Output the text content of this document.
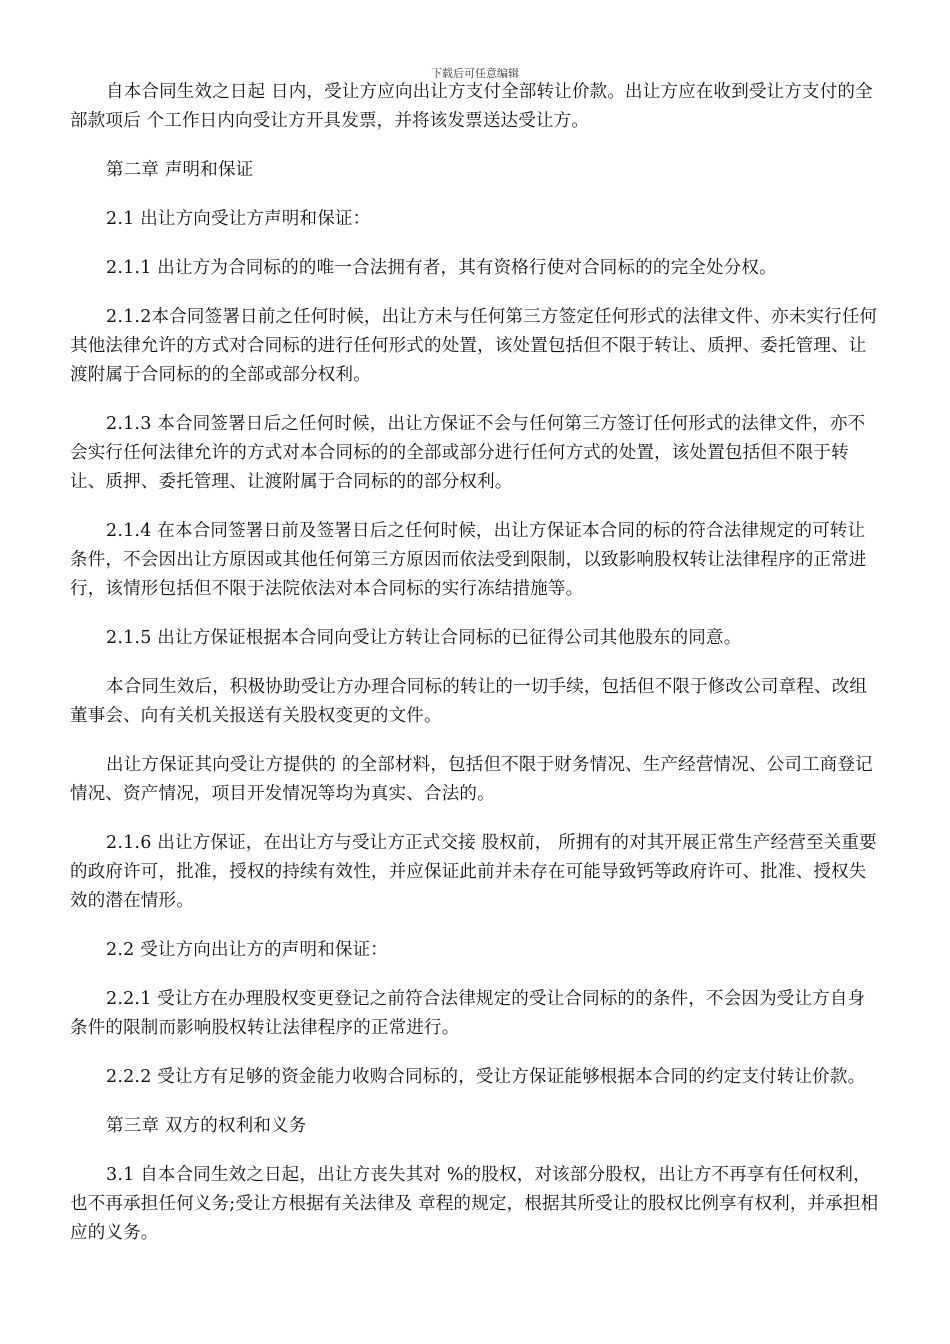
下载后可任意编辑

自本合同生效之日起 日内，受让方应向出让方支付全部转让价款。出让方应在收到受让方支付的全部款项后 个工作日内向受让方开具发票，并将该发票送达受让方。

第二章 声明和保证

2.1 出让方向受让方声明和保证：

2.1.1 出让方为合同标的的唯一合法拥有者，其有资格行使对合同标的的完全处分权。

2.1.2本合同签署日前之任何时候，出让方未与任何第三方签定任何形式的法律文件、亦未实行任何其他法律允许的方式对合同标的进行任何形式的处置，该处置包括但不限于转让、质押、委托管理、让渡附属于合同标的的全部或部分权利。

2.1.3 本合同签署日后之任何时候，出让方保证不会与任何第三方签订任何形式的法律文件，亦不会实行任何法律允许的方式对本合同标的的全部或部分进行任何方式的处置，该处置包括但不限于转让、质押、委托管理、让渡附属于合同标的的部分权利。

2.1.4 在本合同签署日前及签署日后之任何时候，出让方保证本合同的标的符合法律规定的可转让条件，不会因出让方原因或其他任何第三方原因而依法受到限制，以致影响股权转让法律程序的正常进行，该情形包括但不限于法院依法对本合同标的实行冻结措施等。

2.1.5 出让方保证根据本合同向受让方转让合同标的已征得公司其他股东的同意。

本合同生效后，积极协助受让方办理合同标的转让的一切手续，包括但不限于修改公司章程、改组董事会、向有关机关报送有关股权变更的文件。

出让方保证其向受让方提供的 的全部材料，包括但不限于财务情况、生产经营情况、公司工商登记情况、资产情况，项目开发情况等均为真实、合法的。

2.1.6 出让方保证，在出让方与受让方正式交接 股权前， 所拥有的对其开展正常生产经营至关重要的政府许可，批准，授权的持续有效性，并应保证此前并未存在可能导致钙等政府许可、批准、授权失效的潜在情形。

2.2 受让方向出让方的声明和保证：

2.2.1 受让方在办理股权变更登记之前符合法律规定的受让合同标的的条件，不会因为受让方自身条件的限制而影响股权转让法律程序的正常进行。

2.2.2 受让方有足够的资金能力收购合同标的，受让方保证能够根据本合同的约定支付转让价款。

第三章 双方的权利和义务

3.1 自本合同生效之日起，出让方丧失其对 %的股权，对该部分股权，出让方不再享有任何权利，也不再承担任何义务;受让方根据有关法律及 章程的规定，根据其所受让的股权比例享有权利，并承担相应的义务。
